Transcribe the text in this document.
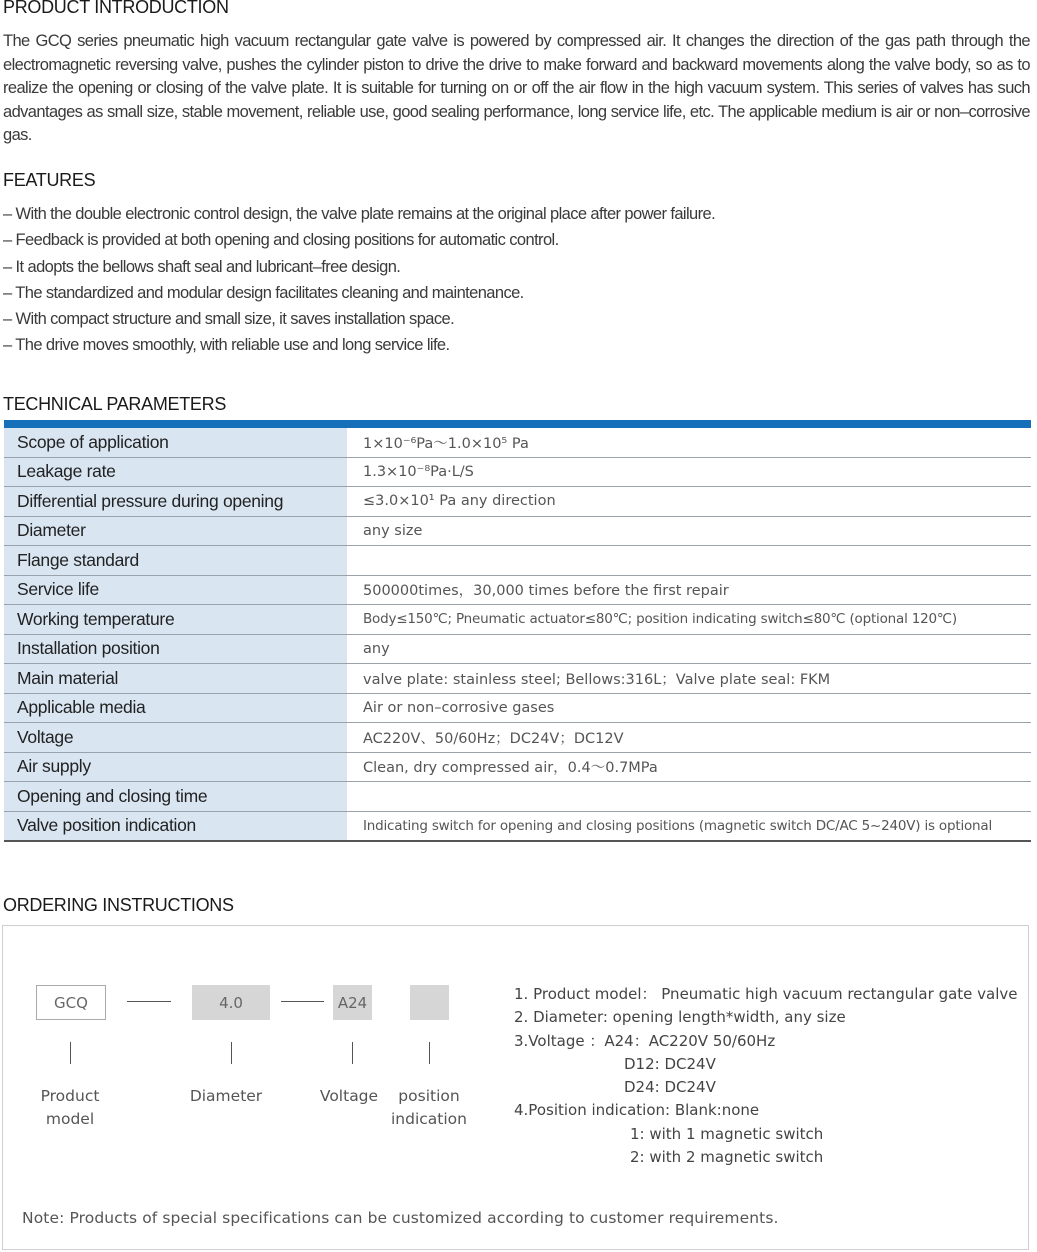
PRODUCT INTRODUCTION

The GCQ series pneumatic high vacuum rectangular gate valve is powered by compressed air. It changes the direction of the gas path through the electromagnetic reversing valve, pushes the cylinder piston to drive the drive to make forward and backward movements along the valve body, so as to realize the opening or closing of the valve plate. It is suitable for turning on or off the air flow in the high vacuum system. This series of valves has such advantages as small size, stable movement, reliable use, good sealing performance, long service life, etc. The applicable medium is air or non–corrosive gas.

FEATURES
– With the double electronic control design, the valve plate remains at the original place after power failure.
– Feedback is provided at both opening and closing positions for automatic control.
– It adopts the bellows shaft seal and lubricant–free design.
– The standardized and modular design facilitates cleaning and maintenance.
– With compact structure and small size, it saves installation space.
– The drive moves smoothly, with reliable use and long service life.
TECHNICAL PARAMETERS
Scope of application	1×10⁻⁶Pa～1.0×10⁵ Pa
Leakage rate	1.3×10⁻⁸Pa·L/S
Differential pressure during opening	≤3.0×10¹ Pa any direction
Diameter	any size
Flange standard	
Service life	500000times，30,000 times before the first repair
Working temperature	Body≤150℃; Pneumatic actuator≤80℃; position indicating switch≤80℃ (optional 120℃)
Installation position	any
Main material	valve plate: stainless steel; Bellows:316L；Valve plate seal: FKM
Applicable media	Air or non–corrosive gases
Voltage	AC220V、50/60Hz；DC24V；DC12V
Air supply	Clean, dry compressed air，0.4～0.7MPa
Opening and closing time	
Valve position indication	Indicating switch for opening and closing positions (magnetic switch DC/AC 5~240V) is optional
ORDERING INSTRUCTIONS
GCQ	4.0	A24
Product
model
Diameter	Voltage	position
indication
1. Product model： Pneumatic high vacuum rectangular gate valve
2. Diameter: opening length*width, any size
3.Voltage ：A24：AC220V 50/60Hz
D12: DC24V
D24: DC24V
4.Position indication: Blank:none
1: with 1 magnetic switch
2: with 2 magnetic switch
Note: Products of special specifications can be customized according to customer requirements.
